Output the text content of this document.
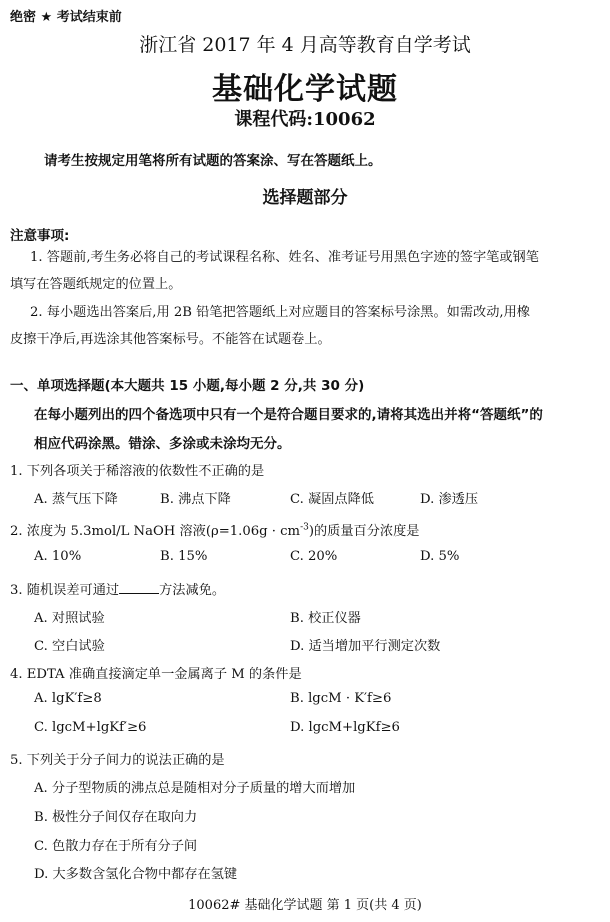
绝密 ★ 考试结束前
浙江省 2017 年 4 月高等教育自学考试
基础化学试题
课程代码:10062
请考生按规定用笔将所有试题的答案涂、写在答题纸上。
选择题部分
注意事项:
1. 答题前,考生务必将自己的考试课程名称、姓名、准考证号用黑色字迹的签字笔或钢笔
填写在答题纸规定的位置上。
2. 每小题选出答案后,用 2B 铅笔把答题纸上对应题目的答案标号涂黑。如需改动,用橡
皮擦干净后,再选涂其他答案标号。不能答在试题卷上。
一、单项选择题(本大题共 15 小题,每小题 2 分,共 30 分)
在每小题列出的四个备选项中只有一个是符合题目要求的,请将其选出并将“答题纸”的
相应代码涂黑。错涂、多涂或未涂均无分。
1. 下列各项关于稀溶液的依数性不正确的是
A. 蒸气压下降	B. 沸点下降	C. 凝固点降低	D. 渗透压
2. 浓度为 5.3mol/L NaOH 溶液$(\rho=1.06g \cdot cm^{-3})$的质量百分浓度是
A. 10%	B. 15%	C. 20%	D. 5%
3. 随机误差可通过	方法减免。
A. 对照试验	B. 校正仪器
C. 空白试验	D. 适当增加平行测定次数
4. EDTA 准确直接滴定单一金属离子 M 的条件是
A. lgK′f≥8	B. lgcM · K′f≥6
C. lgcM+lgKf′≥6	D. lgcM+lgKf≥6
5. 下列关于分子间力的说法正确的是
A. 分子型物质的沸点总是随相对分子质量的增大而增加
B. 极性分子间仅存在取向力
C. 色散力存在于所有分子间
D. 大多数含氢化合物中都存在氢键
10062# 基础化学试题 第 1 页(共 4 页)
